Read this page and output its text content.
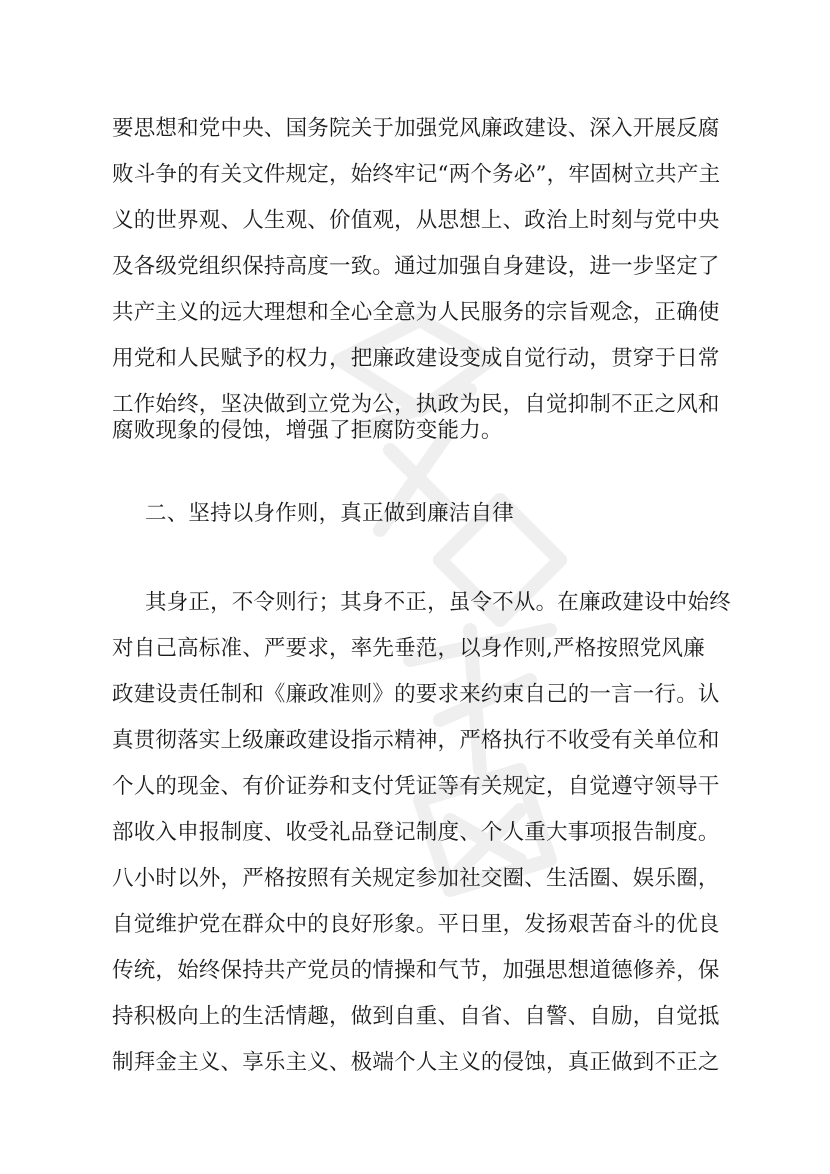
要思想和党中央、国务院关于加强党风廉政建设、深入开展反腐
败斗争的有关文件规定，始终牢记“两个务必”，牢固树立共产主
义的世界观、人生观、价值观，从思想上、政治上时刻与党中央
及各级党组织保持高度一致。通过加强自身建设，进一步坚定了
共产主义的远大理想和全心全意为人民服务的宗旨观念，正确使
用党和人民赋予的权力，把廉政建设变成自觉行动，贯穿于日常
工作始终，坚决做到立党为公，执政为民，自觉抑制不正之风和
腐败现象的侵蚀，增强了拒腐防变能力。
二、坚持以身作则，真正做到廉洁自律
其身正，不令则行；其身不正，虽令不从。在廉政建设中始终
对自己高标准、严要求，率先垂范，以身作则,严格按照党风廉
政建设责任制和《廉政准则》的要求来约束自己的一言一行。认
真贯彻落实上级廉政建设指示精神，严格执行不收受有关单位和
个人的现金、有价证券和支付凭证等有关规定，自觉遵守领导干
部收入申报制度、收受礼品登记制度、个人重大事项报告制度。
八小时以外，严格按照有关规定参加社交圈、生活圈、娱乐圈，
自觉维护党在群众中的良好形象。平日里，发扬艰苦奋斗的优良
传统，始终保持共产党员的情操和气节，加强思想道德修养，保
持积极向上的生活情趣，做到自重、自省、自警、自励，自觉抵
制拜金主义、享乐主义、极端个人主义的侵蚀，真正做到不正之
